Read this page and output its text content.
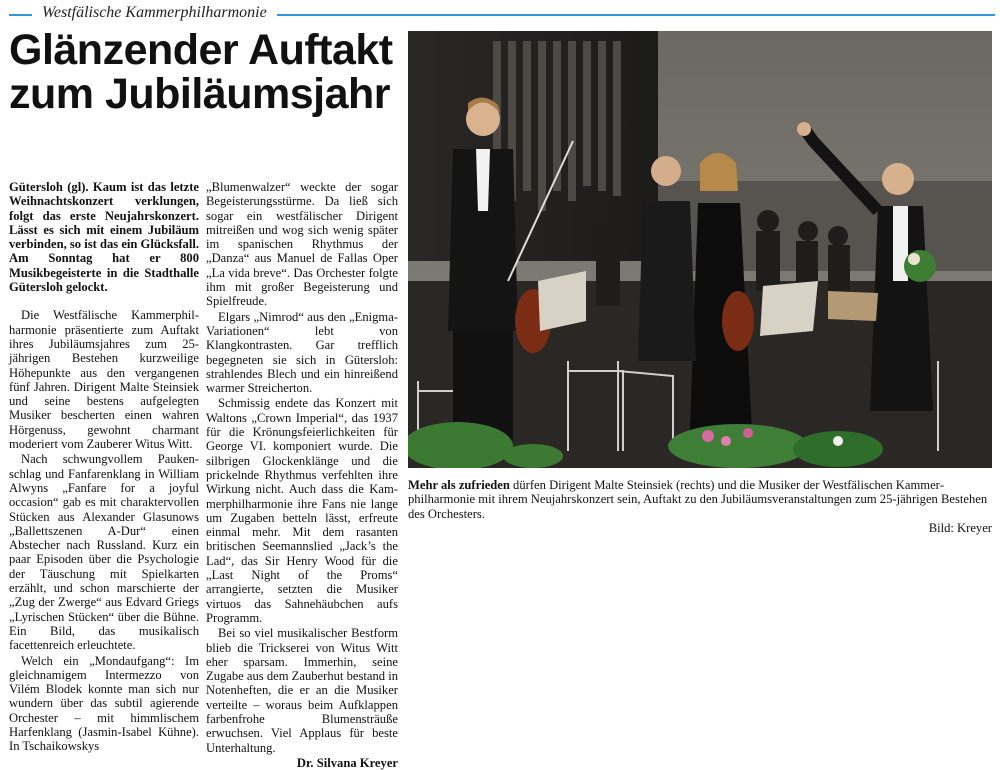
Westfälische Kammerphilharmonie
Glänzender Auftakt zum Jubiläumsjahr

Gütersloh (gl). Kaum ist das letzte Weihnachtskonzert verklungen, folgt das erste Neujahrskonzert. Lässt es sich mit einem Jubiläum verbinden, so ist das ein Glücksfall. Am Sonntag hat er 800 Musikbegeisterte in die Stadthalle Gütersloh gelockt.

Die Westfälische Kammerphilharmonie präsentierte zum Auftakt ihres Jubiläumsjahres zum 25-jährigen Bestehen kurzweilige Höhepunkte aus den vergangenen fünf Jahren. Dirigent Malte Steinsiek und seine bestens aufgelegten Musiker bescherten einen wahren Hörgenuss, gewohnt charmant moderiert vom Zauberer Witus Witt.

Nach schwungvollem Paukenschlag und Fanfarenklang in William Alwyns „Fanfare for a joyful occasion“ gab es mit charaktervollen Stücken aus Alexander Glasunows „Ballettszenen A-Dur“ einen Abstecher nach Russland. Kurz ein paar Episoden über die Psychologie der Täuschung mit Spielkarten erzählt, und schon marschierte der „Zug der Zwerge“ aus Edvard Griegs „Lyrischen Stücken“ über die Bühne. Ein Bild, das musikalisch facettenreich erleuchtete.

Welch ein „Mondaufgang“: Im gleichnamigem Intermezzo von Vilém Blodek konnte man sich nur wundern über das subtil agierende Orchester – mit himmlischem Harfenklang (Jasmin-Isabel Kühne). In Tschaikowskys

„Blumenwalzer“ weckte der sogar Begeisterungsstürme. Da ließ sich sogar ein westfälischer Dirigent mitreißen und wog sich wenig später im spanischen Rhythmus der „Danza“ aus Manuel de Fallas Oper „La vida breve“. Das Orchester folgte ihm mit großer Begeisterung und Spielfreude.

Elgars „Nimrod“ aus den „Enigma-Variationen“ lebt von Klangkontrasten. Gar trefflich begegneten sie sich in Gütersloh: strahlendes Blech und ein hinreißend warmer Streicherton.

Schmissig endete das Konzert mit Waltons „Crown Imperial“, das 1937 für die Krönungsfeierlichkeiten für George VI. komponiert wurde. Die silbrigen Glockenklänge und die prickelnde Rhythmus verfehlten ihre Wirkung nicht. Auch dass die Kammerphilharmonie ihre Fans nie lange um Zugaben betteln lässt, erfreute einmal mehr. Mit dem rasanten britischen Seemannslied „Jack’s the Lad“, das Sir Henry Wood für die „Last Night of the Proms“ arrangierte, setzten die Musiker virtuos das Sahnehäubchen aufs Programm.

Bei so viel musikalischer Bestform blieb die Trickserei von Witus Witt eher sparsam. Immerhin, seine Zugabe aus dem Zauberhut bestand in Notenheften, die er an die Musiker verteilte – woraus beim Aufklappen farbenfrohe Blumensträuße erwuchsen. Viel Applaus für beste Unterhaltung.

Dr. Silvana Kreyer
Mehr als zufrieden dürfen Dirigent Malte Steinsiek (rechts) und die Musiker der Westfälischen Kammerphilharmonie mit ihrem Neujahrskonzert sein, Auftakt zu den Jubiläumsveranstaltungen zum 25-jährigen Bestehen des Orchesters.
Bild: Kreyer
